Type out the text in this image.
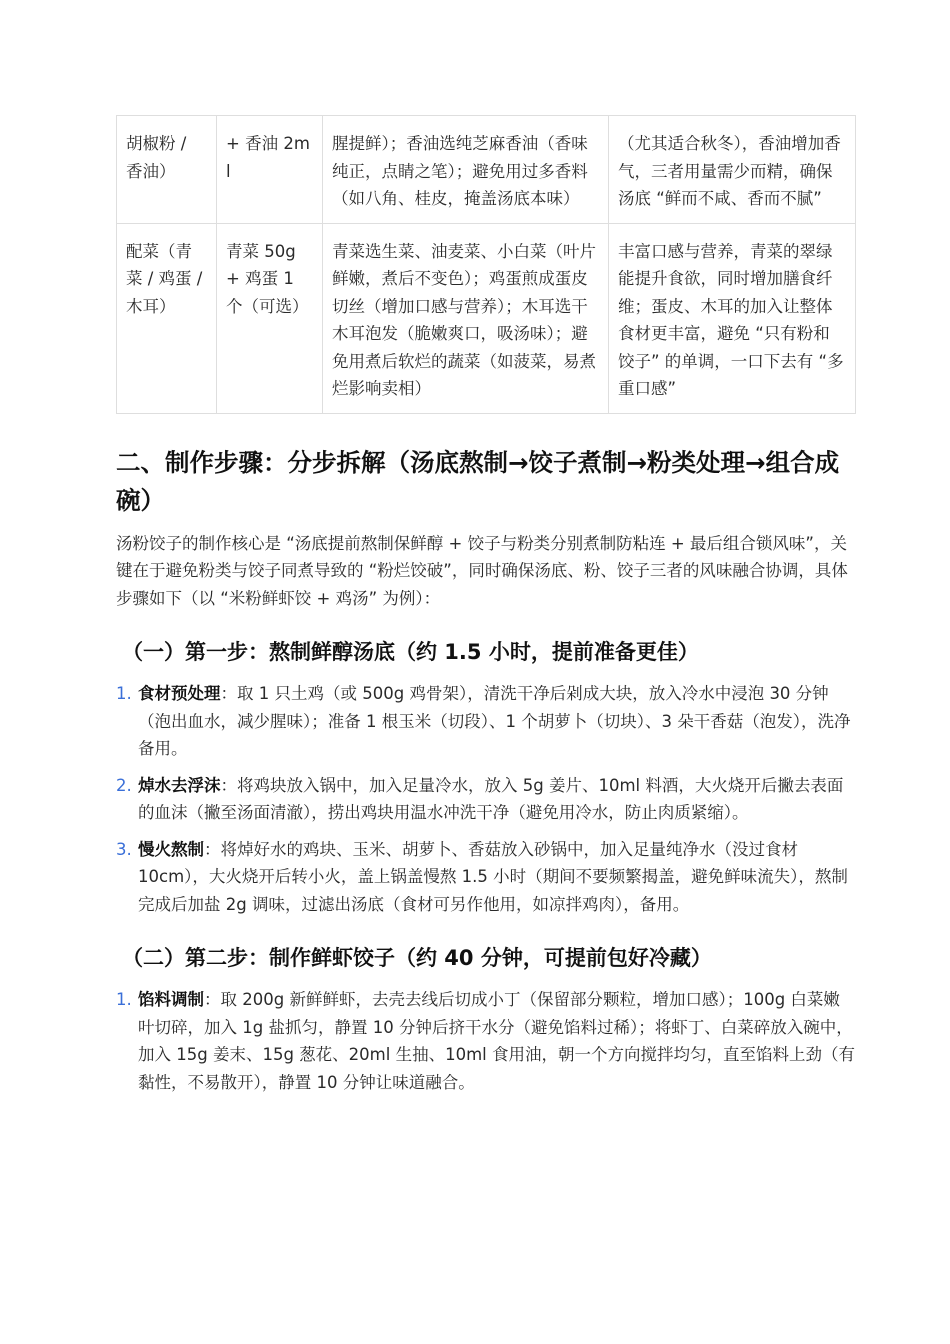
胡椒粉 / 香油）	+ 香油 2ml	腥提鲜）；香油选纯芝麻香油（香味纯正，点睛之笔）；避免用过多香料（如八角、桂皮，掩盖汤底本味）	（尤其适合秋冬），香油增加香气，三者用量需少而精，确保汤底 “鲜而不咸、香而不腻”
配菜（青菜 / 鸡蛋 / 木耳）	青菜 50g + 鸡蛋 1 个（可选）	青菜选生菜、油麦菜、小白菜（叶片鲜嫩，煮后不变色）；鸡蛋煎成蛋皮切丝（增加口感与营养）；木耳选干木耳泡发（脆嫩爽口，吸汤味）；避免用煮后软烂的蔬菜（如菠菜，易煮烂影响卖相）	丰富口感与营养，青菜的翠绿能提升食欲，同时增加膳食纤维；蛋皮、木耳的加入让整体食材更丰富，避免 “只有粉和饺子” 的单调，一口下去有 “多重口感”
二、制作步骤：分步拆解（汤底熬制→饺子煮制→粉类处理→组合成碗）

汤粉饺子的制作核心是 “汤底提前熬制保鲜醇 + 饺子与粉类分别煮制防粘连 + 最后组合锁风味”，关键在于避免粉类与饺子同煮导致的 “粉烂饺破”，同时确保汤底、粉、饺子三者的风味融合协调，具体步骤如下（以 “米粉鲜虾饺 + 鸡汤” 为例）：

（一）第一步：熬制鲜醇汤底（约 1.5 小时，提前准备更佳）
1. 食材预处理：取 1 只土鸡（或 500g 鸡骨架），清洗干净后剁成大块，放入冷水中浸泡 30 分钟（泡出血水，减少腥味）；准备 1 根玉米（切段）、1 个胡萝卜（切块）、3 朵干香菇（泡发），洗净备用。
2. 焯水去浮沫：将鸡块放入锅中，加入足量冷水，放入 5g 姜片、10ml 料酒，大火烧开后撇去表面的血沫（撇至汤面清澈），捞出鸡块用温水冲洗干净（避免用冷水，防止肉质紧缩）。
3. 慢火熬制：将焯好水的鸡块、玉米、胡萝卜、香菇放入砂锅中，加入足量纯净水（没过食材 10cm），大火烧开后转小火，盖上锅盖慢熬 1.5 小时（期间不要频繁揭盖，避免鲜味流失），熬制完成后加盐 2g 调味，过滤出汤底（食材可另作他用，如凉拌鸡肉），备用。
（二）第二步：制作鲜虾饺子（约 40 分钟，可提前包好冷藏）
1. 馅料调制：取 200g 新鲜鲜虾，去壳去线后切成小丁（保留部分颗粒，增加口感）；100g 白菜嫩叶切碎，加入 1g 盐抓匀，静置 10 分钟后挤干水分（避免馅料过稀）；将虾丁、白菜碎放入碗中，加入 15g 姜末、15g 葱花、20ml 生抽、10ml 食用油，朝一个方向搅拌均匀，直至馅料上劲（有黏性，不易散开），静置 10 分钟让味道融合。
